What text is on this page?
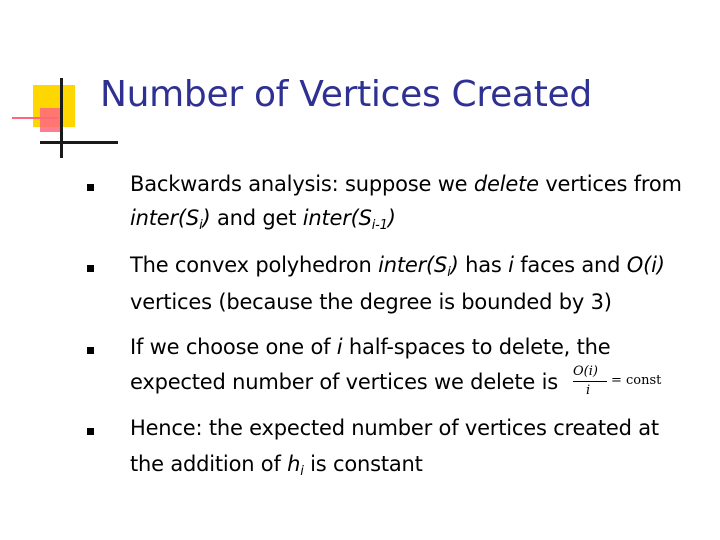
Number of Vertices Created
Backwards analysis: suppose we delete vertices from
$inter(S_i)$ and get $inter(S_{i-1})$
The convex polyhedron $inter(S_i)$ has i faces and O(i)
vertices (because the degree is bounded by 3)
If we choose one of i half-spaces to delete, the
expected number of vertices we delete is O(i)
i
= const
Hence: the expected number of vertices created at
the addition of $h_i$ is constant
